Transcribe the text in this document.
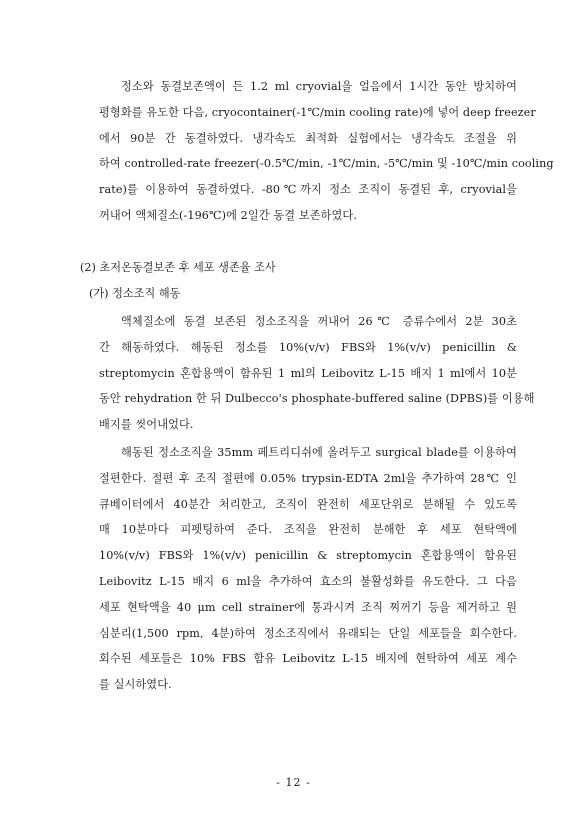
정소와 동결보존액이 든 1.2 ml cryovial을 얼음에서 1시간 동안 방치하여
평형화를 유도한 다음, cryocontainer(-1℃/min cooling rate)에 넣어 deep freezer
에서 90분 간 동결하였다. 냉각속도 최적화 실험에서는 냉각속도 조절을 위
하여 controlled-rate freezer(-0.5℃/min, -1℃/min, -5℃/min 및 -10℃/min cooling
rate)를 이용하여 동결하였다. -80℃까지 정소 조직이 동결된 후, cryovial을
꺼내어 액체질소(-196℃)에 2일간 동결 보존하였다.

(2) 초저온동결보존 후 세포 생존율 조사

(가) 정소조직 해동

액체질소에 동결 보존된 정소조직을 꺼내어 26℃ 증류수에서 2분 30초
간 해동하였다. 해동된 정소를 10%(v/v) FBS와 1%(v/v) penicillin &
streptomycin 혼합용액이 함유된 1 ml의 Leibovitz L-15 배지 1 ml에서 10분
동안 rehydration 한 뒤 Dulbecco's phosphate-buffered saline (DPBS)를 이용해
배지를 씻어내었다.
해동된 정소조직을 35mm 페트리디쉬에 올려두고 surgical blade를 이용하여
절편한다. 절편 후 조직 절편에 0.05% trypsin-EDTA 2ml을 추가하여 28℃ 인
큐베이터에서 40분간 처리한고, 조직이 완전히 세포단위로 분해될 수 있도록
매 10분마다 피펫팅하여 준다. 조직을 완전히 분해한 후 세포 현탁액에
10%(v/v) FBS와 1%(v/v) penicillin & streptomycin 혼합용액이 함유된
Leibovitz L-15 배지 6 ml을 추가하여 효소의 불활성화를 유도한다. 그 다음
세포 현탁액을 40 μm cell strainer에 통과시켜 조직 찌꺼기 등을 제거하고 원
심분리(1,500 rpm, 4분)하여 정소조직에서 유래되는 단일 세포들을 회수한다.
회수된 세포들은 10% FBS 함유 Leibovitz L-15 배지에 현탁하여 세포 계수
를 실시하였다.
- 12 -
